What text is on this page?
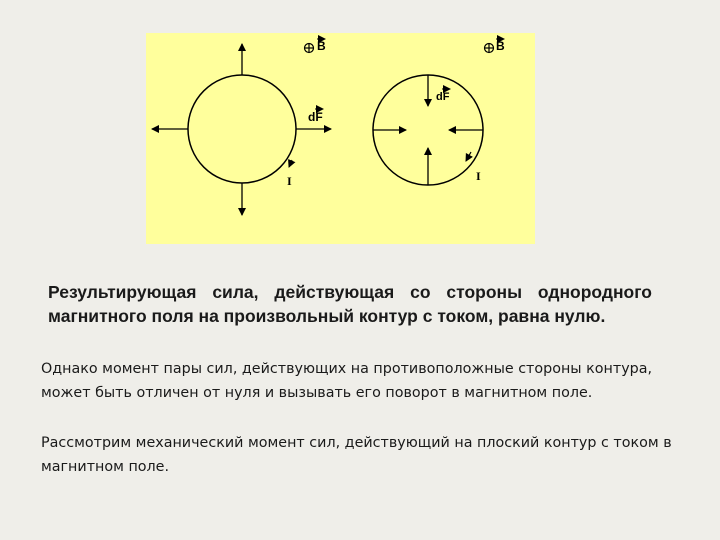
B
dF
I
B
dF
I
Результирующая сила, действующая со стороны однородного магнитного поля на произвольный контур с током, равна нулю.
Однако момент пары сил, действующих на противоположные стороны контура, может быть отличен от нуля и вызывать его поворот в магнитном поле.
Рассмотрим механический момент сил, действующий на плоский контур с током в магнитном поле.
